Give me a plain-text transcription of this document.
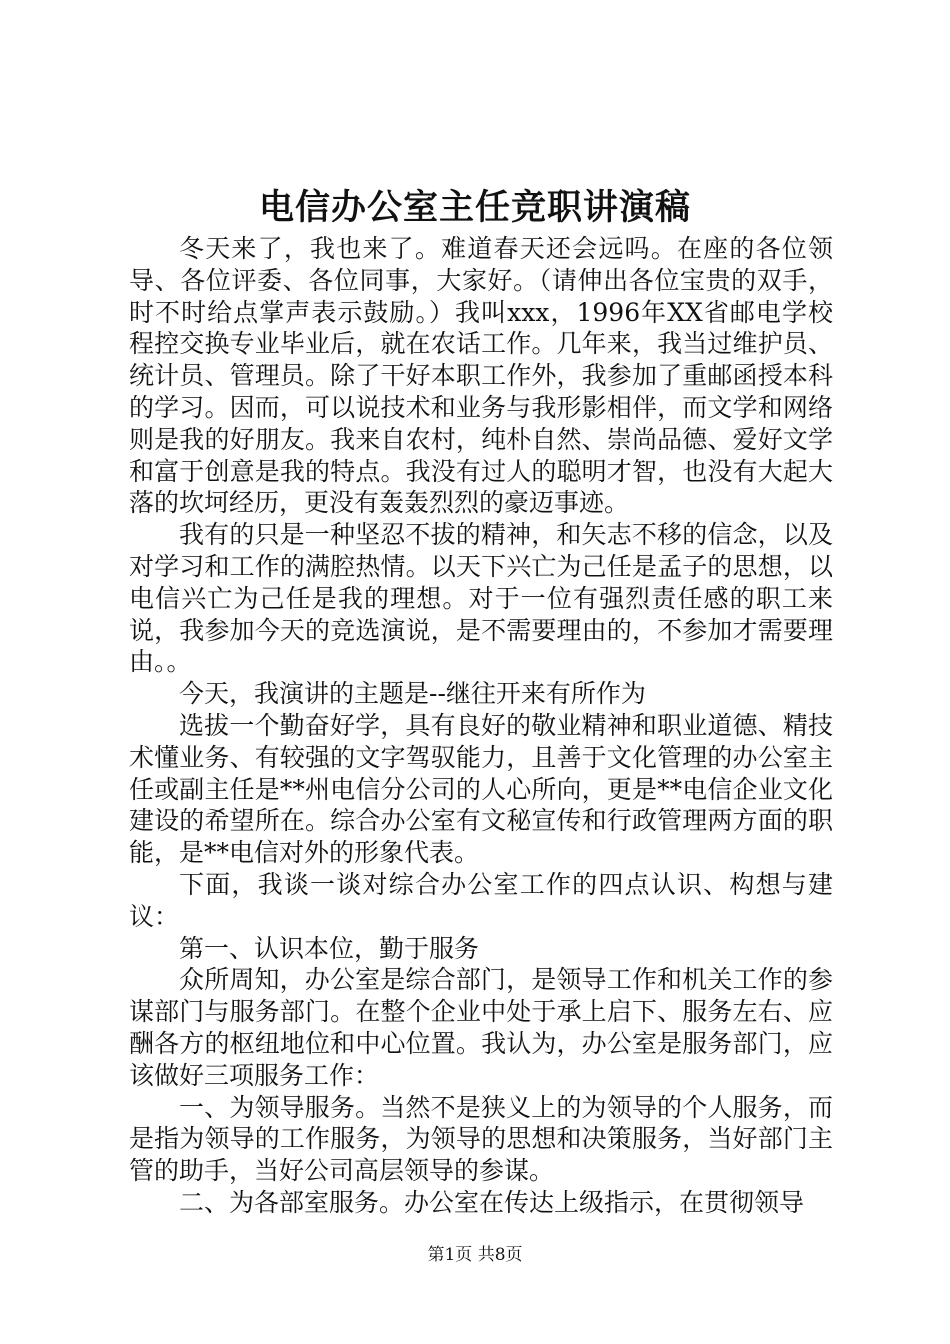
电信办公室主任竞职讲演稿

冬天来了，我也来了。难道春天还会远吗。在座的各位领导、各位评委、各位同事，大家好。（请伸出各位宝贵的双手，时不时给点掌声表示鼓励。）我叫xxx，1996年XX省邮电学校程控交换专业毕业后，就在农话工作。几年来，我当过维护员、统计员、管理员。除了干好本职工作外，我参加了重邮函授本科的学习。因而，可以说技术和业务与我形影相伴，而文学和网络则是我的好朋友。我来自农村，纯朴自然、崇尚品德、爱好文学和富于创意是我的特点。我没有过人的聪明才智，也没有大起大落的坎坷经历，更没有轰轰烈烈的豪迈事迹。

我有的只是一种坚忍不拔的精神，和矢志不移的信念，以及对学习和工作的满腔热情。以天下兴亡为己任是孟子的思想，以电信兴亡为己任是我的理想。对于一位有强烈责任感的职工来说，我参加今天的竞选演说，是不需要理由的，不参加才需要理由。。

今天，我演讲的主题是--继往开来有所作为

选拔一个勤奋好学，具有良好的敬业精神和职业道德、精技术懂业务、有较强的文字驾驭能力，且善于文化管理的办公室主任或副主任是**州电信分公司的人心所向，更是**电信企业文化建设的希望所在。综合办公室有文秘宣传和行政管理两方面的职能，是**电信对外的形象代表。

下面，我谈一谈对综合办公室工作的四点认识、构想与建议：

第一、认识本位，勤于服务

众所周知，办公室是综合部门，是领导工作和机关工作的参谋部门与服务部门。在整个企业中处于承上启下、服务左右、应酬各方的枢纽地位和中心位置。我认为，办公室是服务部门，应该做好三项服务工作：

一、为领导服务。当然不是狭义上的为领导的个人服务，而是指为领导的工作服务，为领导的思想和决策服务，当好部门主管的助手，当好公司高层领导的参谋。

二、为各部室服务。办公室在传达上级指示，在贯彻领导

第1页 共8页
